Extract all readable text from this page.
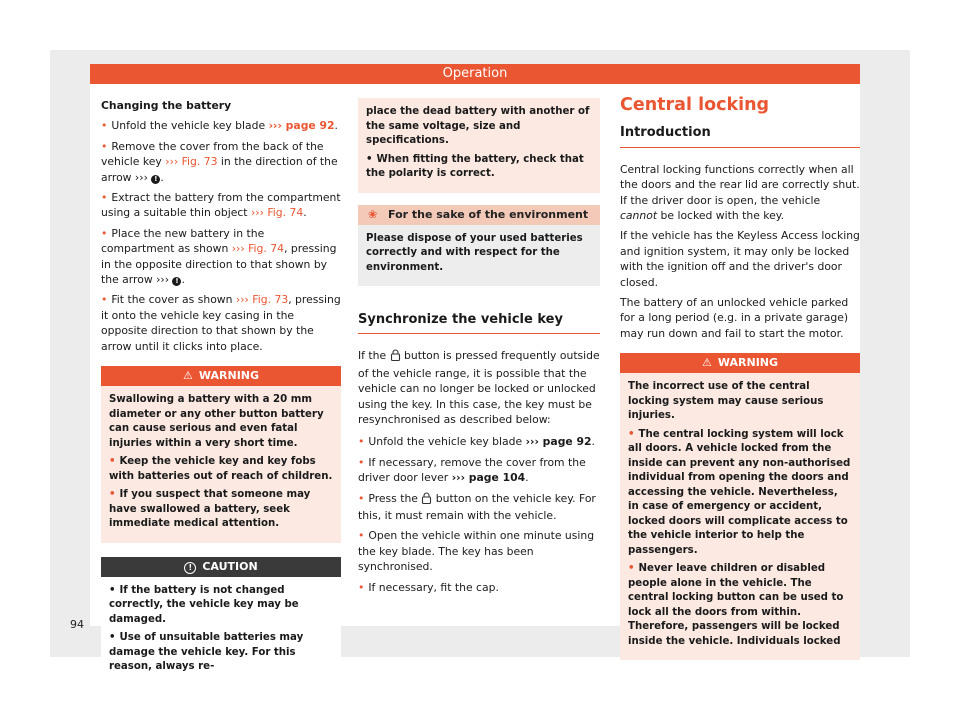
Operation

Changing the battery

• Unfold the vehicle key blade ››› page 92.

• Remove the cover from the back of the vehicle key ››› Fig. 73 in the direction of the arrow ››› ! .

• Extract the battery from the compartment using a suitable thin object ››› Fig. 74.

• Place the new battery in the compartment as shown ››› Fig. 74, pressing in the opposite direction to that shown by the arrow ››› ! .

• Fit the cover as shown ››› Fig. 73, pressing it onto the vehicle key casing in the opposite direction to that shown by the arrow until it clicks into place.

⚠ WARNING

Swallowing a battery with a 20 mm diameter or any other button battery can cause serious and even fatal injuries within a very short time.

• Keep the vehicle key and key fobs with batteries out of reach of children.

• If you suspect that someone may have swallowed a battery, seek immediate medical attention.

! CAUTION

• If the battery is not changed correctly, the vehicle key may be damaged.

• Use of unsuitable batteries may damage the vehicle key. For this reason, always re-

place the dead battery with another of the same voltage, size and specifications.

• When fitting the battery, check that the polarity is correct.

❀ For the sake of the environment

Please dispose of your used batteries correctly and with respect for the environment.

Synchronize the vehicle key

If the  button is pressed frequently outside of the vehicle range, it is possible that the vehicle can no longer be locked or unlocked using the key. In this case, the key must be resynchronised as described below:

• Unfold the vehicle key blade ››› page 92.

• If necessary, remove the cover from the driver door lever ››› page 104.

• Press the  button on the vehicle key. For this, it must remain with the vehicle.

• Open the vehicle within one minute using the key blade. The key has been synchronised.

• If necessary, fit the cap.

Central locking
Introduction

Central locking functions correctly when all the doors and the rear lid are correctly shut. If the driver door is open, the vehicle cannot be locked with the key.

If the vehicle has the Keyless Access locking and ignition system, it may only be locked with the ignition off and the driver's door closed.

The battery of an unlocked vehicle parked for a long period (e.g. in a private garage) may run down and fail to start the motor.

⚠ WARNING

The incorrect use of the central locking system may cause serious injuries.

• The central locking system will lock all doors. A vehicle locked from the inside can prevent any non-authorised individual from opening the doors and accessing the vehicle. Nevertheless, in case of emergency or accident, locked doors will complicate access to the vehicle interior to help the passengers.

• Never leave children or disabled people alone in the vehicle. The central locking button can be used to lock all the doors from within. Therefore, passengers will be locked inside the vehicle. Individuals locked

94
